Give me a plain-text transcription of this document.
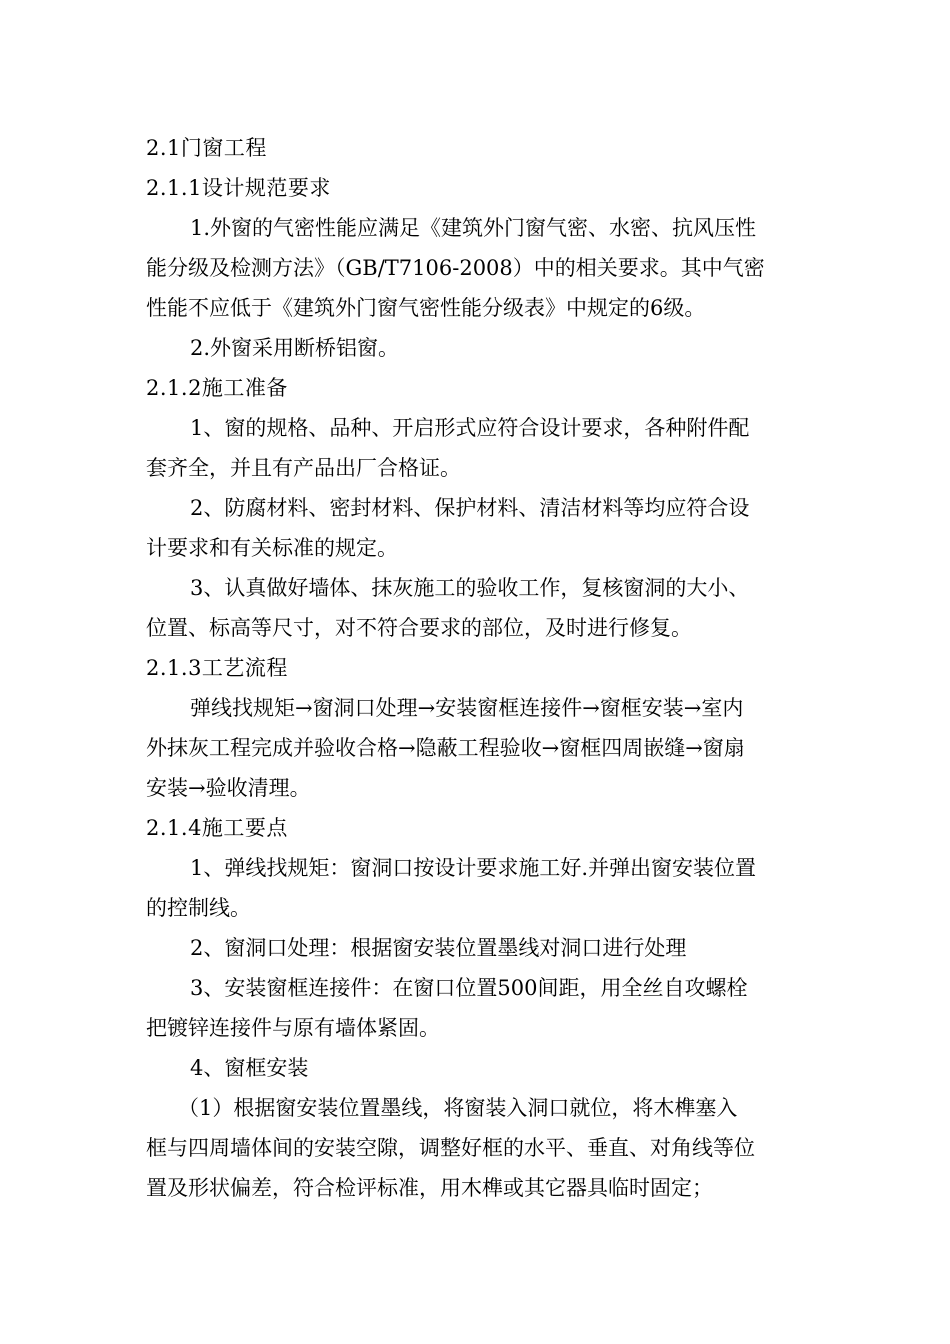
2.1门窗工程
2.1.1设计规范要求
1.外窗的气密性能应满足《建筑外门窗气密、水密、抗风压性
能分级及检测方法》（GB/T7106-2008）中的相关要求。其中气密
性能不应低于《建筑外门窗气密性能分级表》中规定的6级。
2.外窗采用断桥铝窗。
2.1.2施工准备
1、窗的规格、品种、开启形式应符合设计要求，各种附件配
套齐全，并且有产品出厂合格证。
2、防腐材料、密封材料、保护材料、清洁材料等均应符合设
计要求和有关标准的规定。
3、认真做好墙体、抹灰施工的验收工作，复核窗洞的大小、
位置、标高等尺寸，对不符合要求的部位，及时进行修复。
2.1.3工艺流程
弹线找规矩→窗洞口处理→安装窗框连接件→窗框安装→室内
外抹灰工程完成并验收合格→隐蔽工程验收→窗框四周嵌缝→窗扇
安装→验收清理。
2.1.4施工要点
1、弹线找规矩：窗洞口按设计要求施工好.并弹出窗安装位置
的控制线。
2、窗洞口处理：根据窗安装位置墨线对洞口进行处理
3、安装窗框连接件：在窗口位置500间距，用全丝自攻螺栓
把镀锌连接件与原有墙体紧固。
4、窗框安装
（1）根据窗安装位置墨线，将窗装入洞口就位，将木榫塞入
框与四周墙体间的安装空隙，调整好框的水平、垂直、对角线等位
置及形状偏差，符合检评标准，用木榫或其它器具临时固定；
